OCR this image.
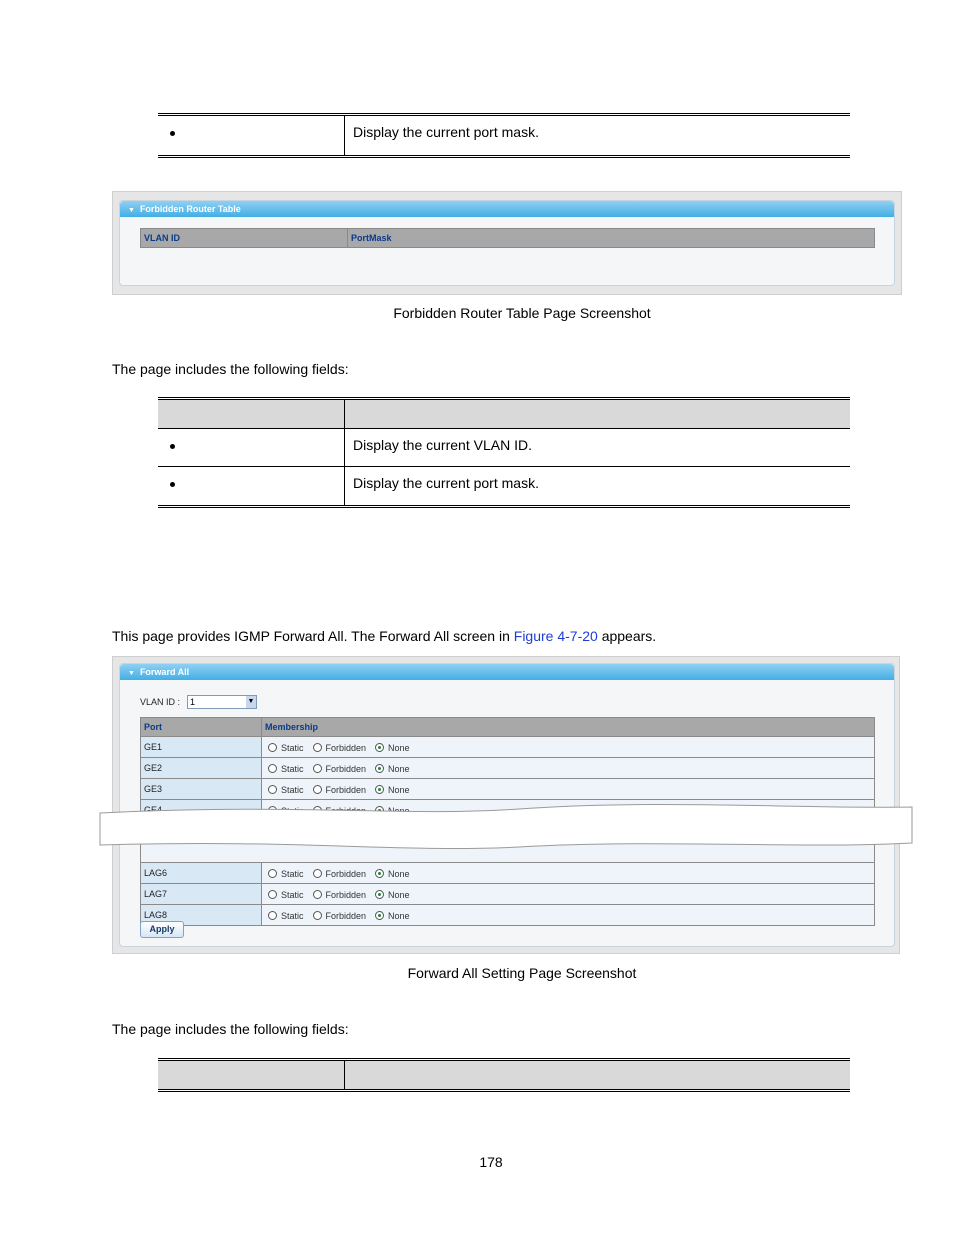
Display the current port mask.
▼ Forbidden Router Table
VLAN ID	PortMask
Forbidden Router Table Page Screenshot
The page includes the following fields:
Display the current VLAN ID.
Display the current port mask.
This page provides IGMP Forward All. The Forward All screen in Figure 4-7-20 appears.
▼ Forward All
VLAN ID :	1	▼
Port	Membership
GE1	Static Forbidden None
GE2	Static Forbidden None
GE3	Static Forbidden None
GE4	None
LAG6	Static Forbidden None
LAG7	Static Forbidden None
LAG8	Static Forbidden None
Apply
Forward All Setting Page Screenshot
The page includes the following fields:
178
